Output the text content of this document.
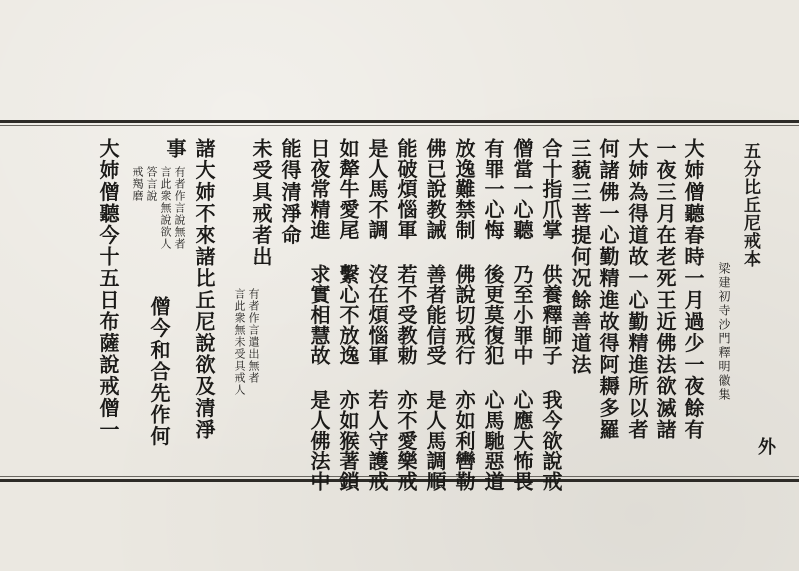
外
五分比丘尼戒本
梁建初寺沙門釋明徽集
大姉僧聽春時一月過少一夜餘有
一夜三月在老死王近佛法欲滅諸
大姉為得道故一心勤精進所以者
何諸佛一心勤精進故得阿耨多羅
三藐三菩提何况餘善道法
合十指爪掌 供養釋師子 我今欲說戒
僧當一心聽 乃至小罪中 心應大怖畏
有罪一心悔 後更莫復犯 心馬馳惡道
放逸難禁制 佛說切戒行 亦如利轡勒
佛已說教誡 善者能信受 是人馬調順
能破煩惱軍 若不受教勅 亦不愛樂戒
是人馬不調 沒在煩惱軍 若人守護戒
如犛牛愛尾 繫心不放逸 亦如猴著鎖
日夜常精進 求實相慧故 是人佛法中
能得清淨命
未受具戒者出
有者作言遣出無者
言此衆無未受具戒人
諸大姉不來諸比丘尼說欲及清淨
事
有者作言說無者
言此衆無說欲人
答言說
戒羯磨
僧今和合先作何
大姉僧聽今十五日布薩說戒僧一
